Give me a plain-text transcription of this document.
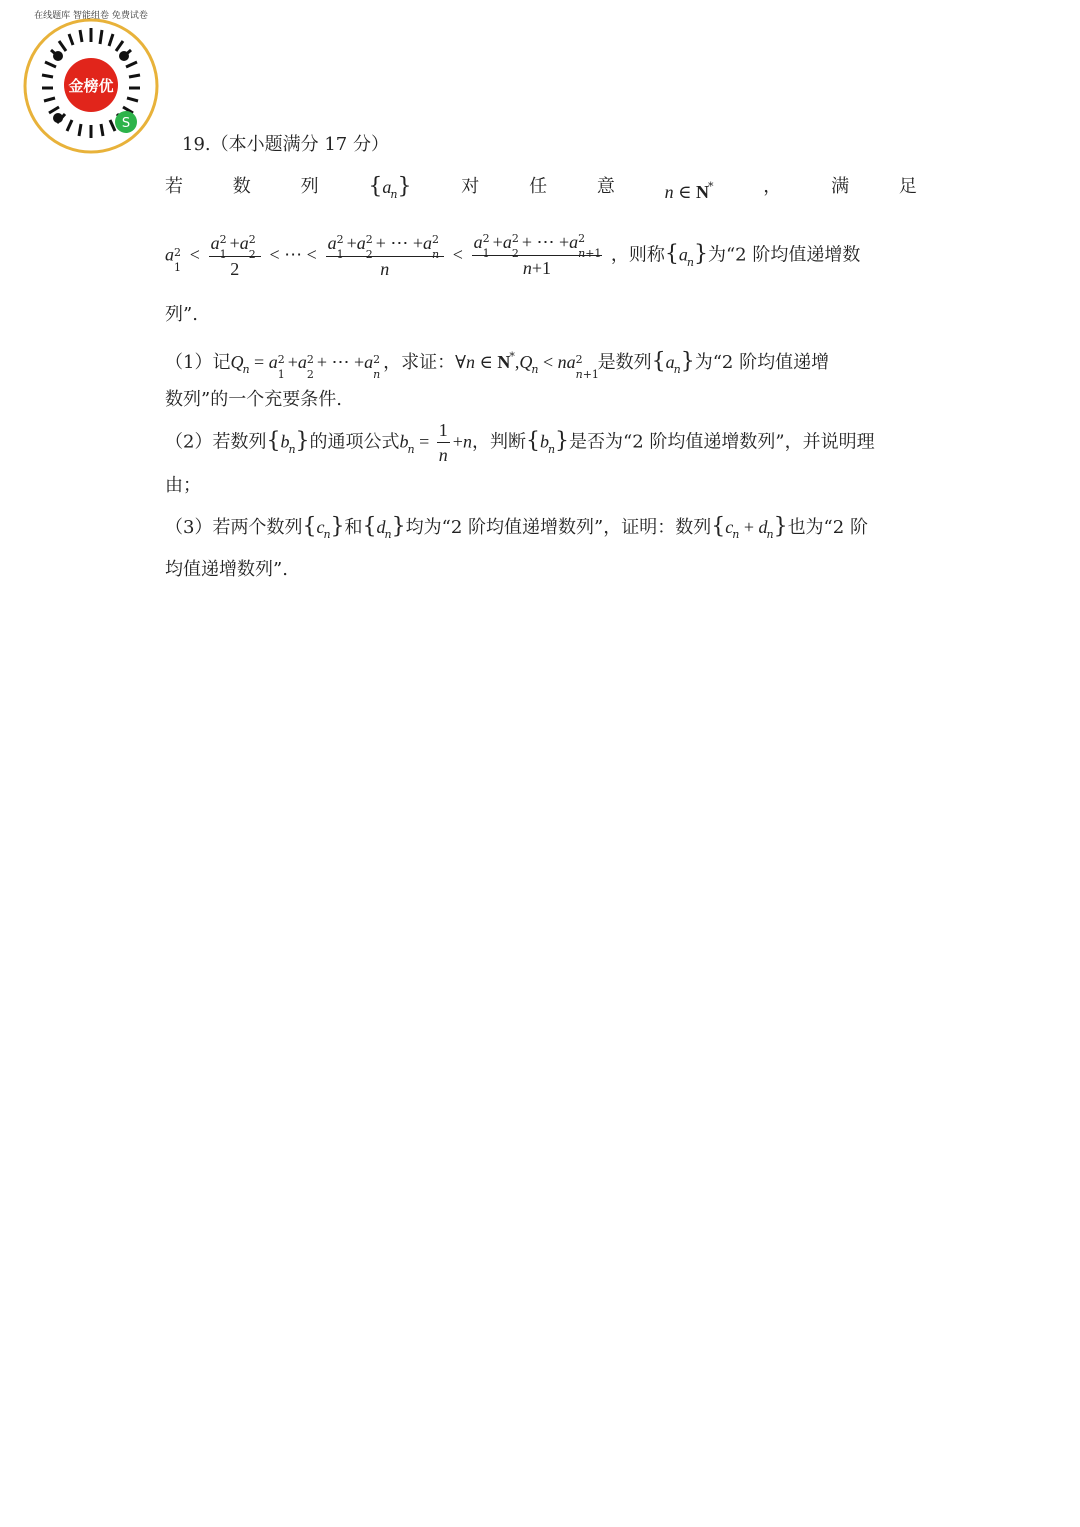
金榜优
S
在线题库 智能组卷 免费试卷
19.（本小题满分 17 分）
若	数	列 $\{a_n\}$	对	任	意	n ∈ N*	，	满	足
a 2
1
< a 2
1
+a 2
2
2 < ⋯ < a 2
1
+a 2
2
+ ⋯ +a 2
n
n < a 2
1
+a 2
2
+ ⋯ +a 2
n+1
n+1 ，则称$\{a_n\}$为“2 阶均值递增数
列”.
（1）记$Q_n = a$ 2
1
+a 2
2
+ ⋯ +a 2
n
，求证：∀n ∈ $N^*,Q_n$ < na 2
n+1
是数列$\{a_n\}$为“2 阶均值递增
数列”的一个充要条件.
（2）若数列$\{b_n\}$的通项公式$b_n = \frac{1}{n} +n$，判断$\{b_n\}$是否为“2 阶均值递增数列”，并说明理
由；
（3）若两个数列$\{c_n\}$和$\{d_n\}$均为“2 阶均值递增数列”，证明：数列$\{c_n + d_n\}$也为“2 阶
均值递增数列”.
